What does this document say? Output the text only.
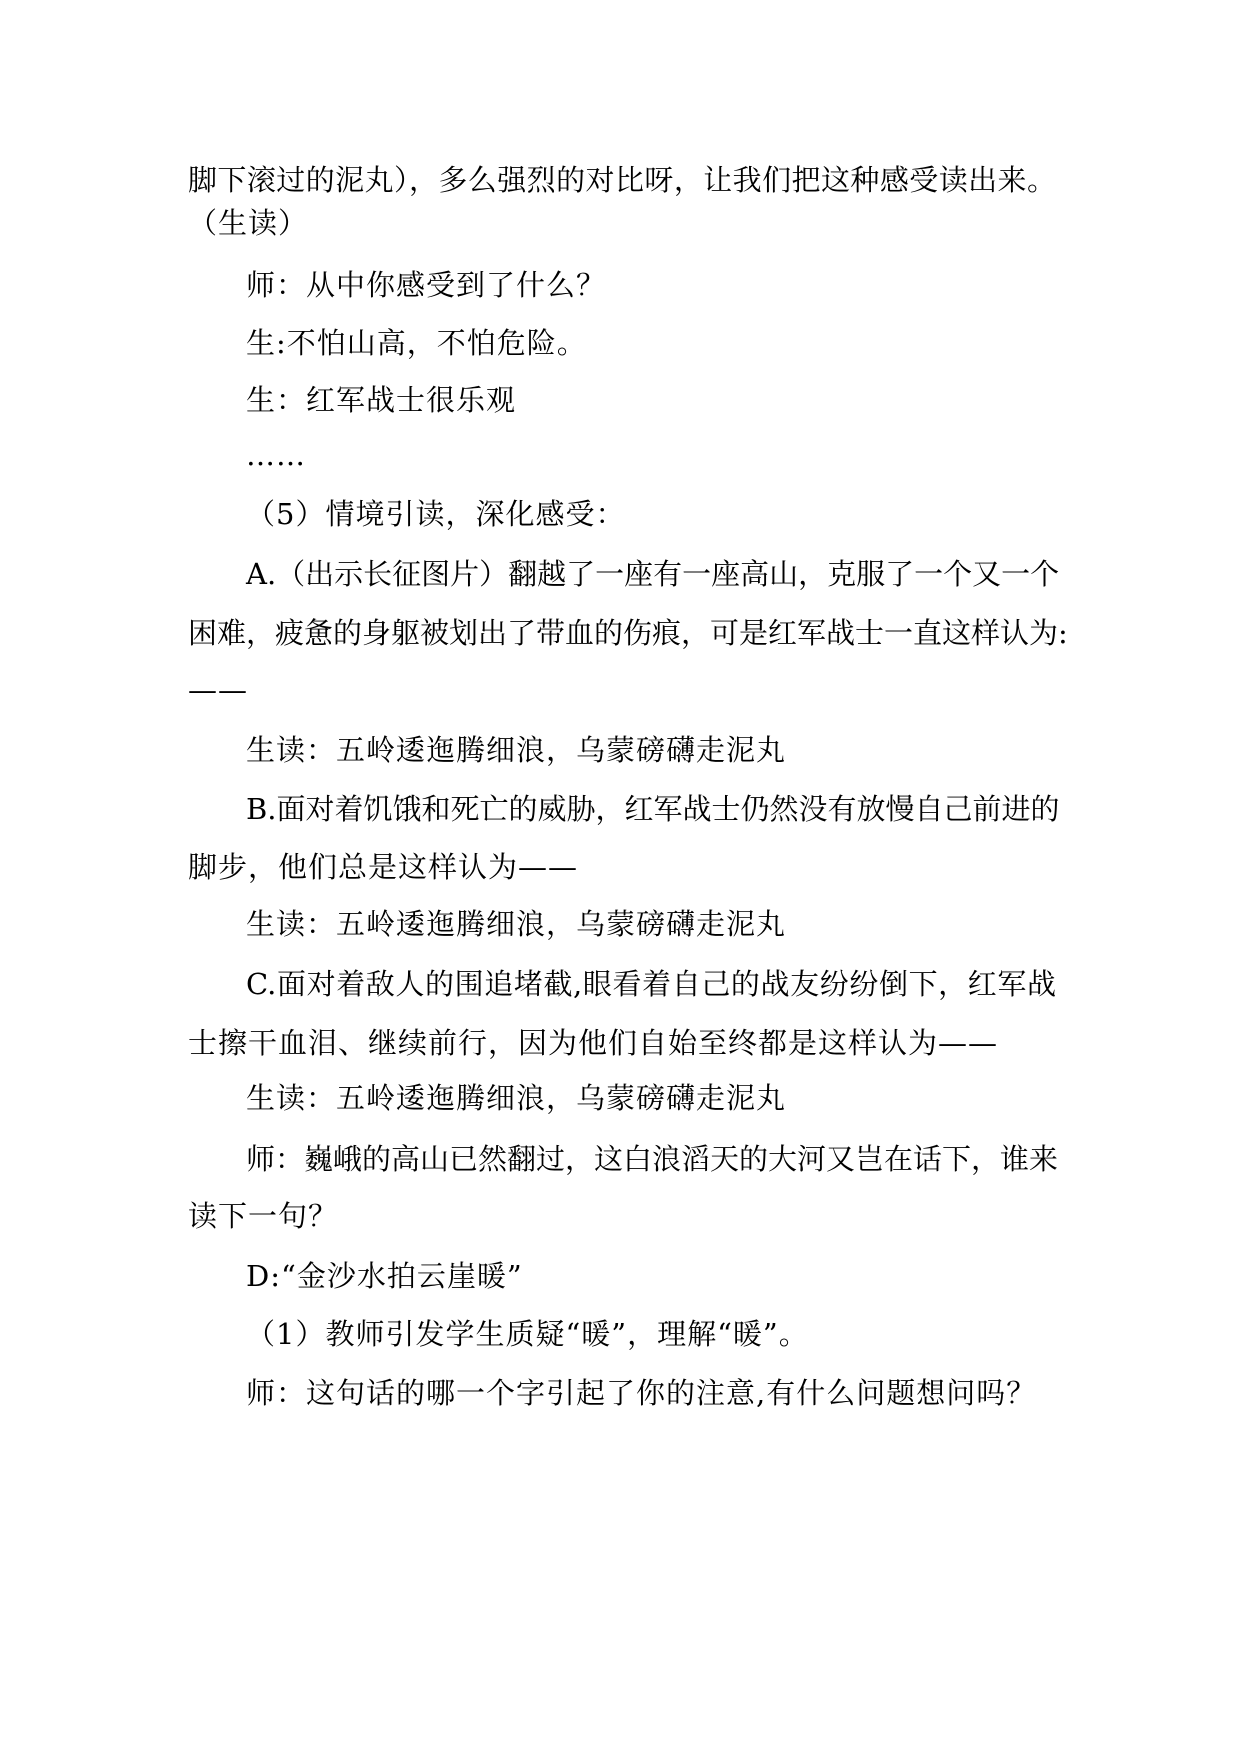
脚下滚过的泥丸），多么强烈的对比呀，让我们把这种感受读出来。
（生读）
师：从中你感受到了什么？
生:不怕山高，不怕危险。
生：红军战士很乐观
……
（5）情境引读，深化感受：
A.（出示长征图片）翻越了一座有一座高山，克服了一个又一个
困难，疲惫的身躯被划出了带血的伤痕，可是红军战士一直这样认为:
——
生读：五岭逶迤腾细浪，乌蒙磅礴走泥丸
B.面对着饥饿和死亡的威胁，红军战士仍然没有放慢自己前进的
脚步，他们总是这样认为——
生读：五岭逶迤腾细浪，乌蒙磅礴走泥丸
C.面对着敌人的围追堵截,眼看着自己的战友纷纷倒下，红军战
士擦干血泪、继续前行，因为他们自始至终都是这样认为——
生读：五岭逶迤腾细浪，乌蒙磅礴走泥丸
师：巍峨的高山已然翻过，这白浪滔天的大河又岂在话下，谁来
读下一句？
D:“金沙水拍云崖暖”
（1）教师引发学生质疑“暖”，理解“暖”。
师：这句话的哪一个字引起了你的注意,有什么问题想问吗？
